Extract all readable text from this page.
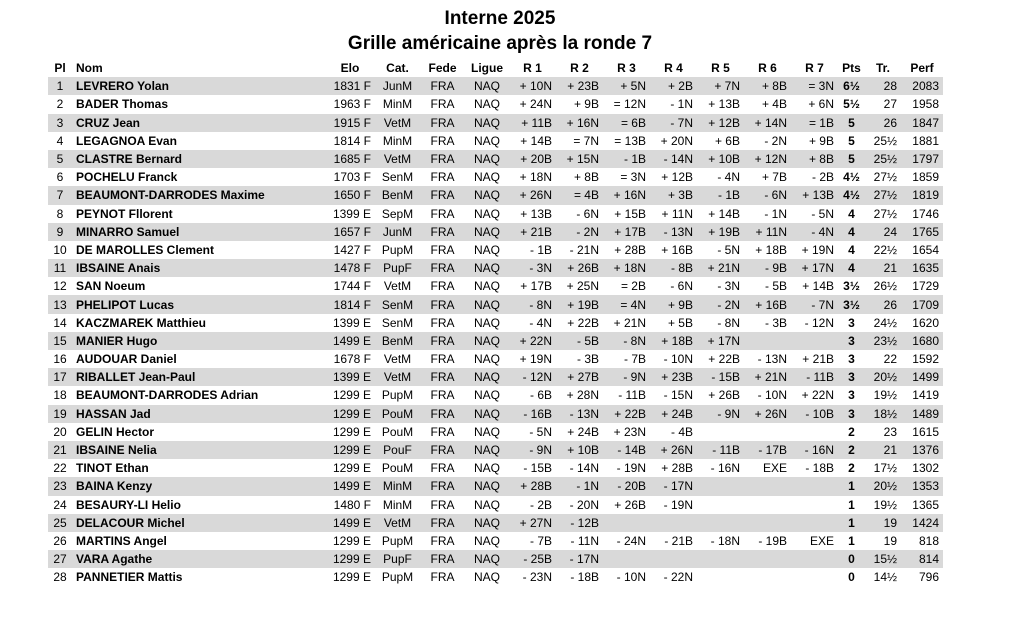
Interne 2025
Grille américaine après la ronde 7
Pl	Nom	Elo	Cat.	Fede	Ligue	R 1	R 2	R 3	R 4	R 5	R 6	R 7	Pts	Tr.	Perf
1	LEVRERO Yolan	1831 F	JunM	FRA	NAQ	+ 10N	+ 23B	+ 5N	+ 2B	+ 7N	+ 8B	= 3N	6½	28	2083
2	BADER Thomas	1963 F	MinM	FRA	NAQ	+ 24N	+ 9B	= 12N	- 1N	+ 13B	+ 4B	+ 6N	5½	27	1958
3	CRUZ Jean	1915 F	VetM	FRA	NAQ	+ 11B	+ 16N	= 6B	- 7N	+ 12B	+ 14N	= 1B	5	26	1847
4	LEGAGNOA Evan	1814 F	MinM	FRA	NAQ	+ 14B	= 7N	= 13B	+ 20N	+ 6B	- 2N	+ 9B	5	25½	1881
5	CLASTRE Bernard	1685 F	VetM	FRA	NAQ	+ 20B	+ 15N	- 1B	- 14N	+ 10B	+ 12N	+ 8B	5	25½	1797
6	POCHELU Franck	1703 F	SenM	FRA	NAQ	+ 18N	+ 8B	= 3N	+ 12B	- 4N	+ 7B	- 2B	4½	27½	1859
7	BEAUMONT-DARRODES Maxime	1650 F	BenM	FRA	NAQ	+ 26N	= 4B	+ 16N	+ 3B	- 1B	- 6N	+ 13B	4½	27½	1819
8	PEYNOT Fllorent	1399 E	SepM	FRA	NAQ	+ 13B	- 6N	+ 15B	+ 11N	+ 14B	- 1N	- 5N	4	27½	1746
9	MINARRO Samuel	1657 F	JunM	FRA	NAQ	+ 21B	- 2N	+ 17B	- 13N	+ 19B	+ 11N	- 4N	4	24	1765
10	DE MAROLLES Clement	1427 F	PupM	FRA	NAQ	- 1B	- 21N	+ 28B	+ 16B	- 5N	+ 18B	+ 19N	4	22½	1654
11	IBSAINE Anais	1478 F	PupF	FRA	NAQ	- 3N	+ 26B	+ 18N	- 8B	+ 21N	- 9B	+ 17N	4	21	1635
12	SAN Noeum	1744 F	VetM	FRA	NAQ	+ 17B	+ 25N	= 2B	- 6N	- 3N	- 5B	+ 14B	3½	26½	1729
13	PHELIPOT Lucas	1814 F	SenM	FRA	NAQ	- 8N	+ 19B	= 4N	+ 9B	- 2N	+ 16B	- 7N	3½	26	1709
14	KACZMAREK Matthieu	1399 E	SenM	FRA	NAQ	- 4N	+ 22B	+ 21N	+ 5B	- 8N	- 3B	- 12N	3	24½	1620
15	MANIER Hugo	1499 E	BenM	FRA	NAQ	+ 22N	- 5B	- 8N	+ 18B	+ 17N			3	23½	1680
16	AUDOUAR Daniel	1678 F	VetM	FRA	NAQ	+ 19N	- 3B	- 7B	- 10N	+ 22B	- 13N	+ 21B	3	22	1592
17	RIBALLET Jean-Paul	1399 E	VetM	FRA	NAQ	- 12N	+ 27B	- 9N	+ 23B	- 15B	+ 21N	- 11B	3	20½	1499
18	BEAUMONT-DARRODES Adrian	1299 E	PupM	FRA	NAQ	- 6B	+ 28N	- 11B	- 15N	+ 26B	- 10N	+ 22N	3	19½	1419
19	HASSAN Jad	1299 E	PouM	FRA	NAQ	- 16B	- 13N	+ 22B	+ 24B	- 9N	+ 26N	- 10B	3	18½	1489
20	GELIN Hector	1299 E	PouM	FRA	NAQ	- 5N	+ 24B	+ 23N	- 4B				2	23	1615
21	IBSAINE Nelia	1299 E	PouF	FRA	NAQ	- 9N	+ 10B	- 14B	+ 26N	- 11B	- 17B	- 16N	2	21	1376
22	TINOT Ethan	1299 E	PouM	FRA	NAQ	- 15B	- 14N	- 19N	+ 28B	- 16N	EXE	- 18B	2	17½	1302
23	BAINA Kenzy	1499 E	MinM	FRA	NAQ	+ 28B	- 1N	- 20B	- 17N				1	20½	1353
24	BESAURY-LI Helio	1480 F	MinM	FRA	NAQ	- 2B	- 20N	+ 26B	- 19N				1	19½	1365
25	DELACOUR Michel	1499 E	VetM	FRA	NAQ	+ 27N	- 12B						1	19	1424
26	MARTINS Angel	1299 E	PupM	FRA	NAQ	- 7B	- 11N	- 24N	- 21B	- 18N	- 19B	EXE	1	19	818
27	VARA Agathe	1299 E	PupF	FRA	NAQ	- 25B	- 17N						0	15½	814
28	PANNETIER Mattis	1299 E	PupM	FRA	NAQ	- 23N	- 18B	- 10N	- 22N				0	14½	796
